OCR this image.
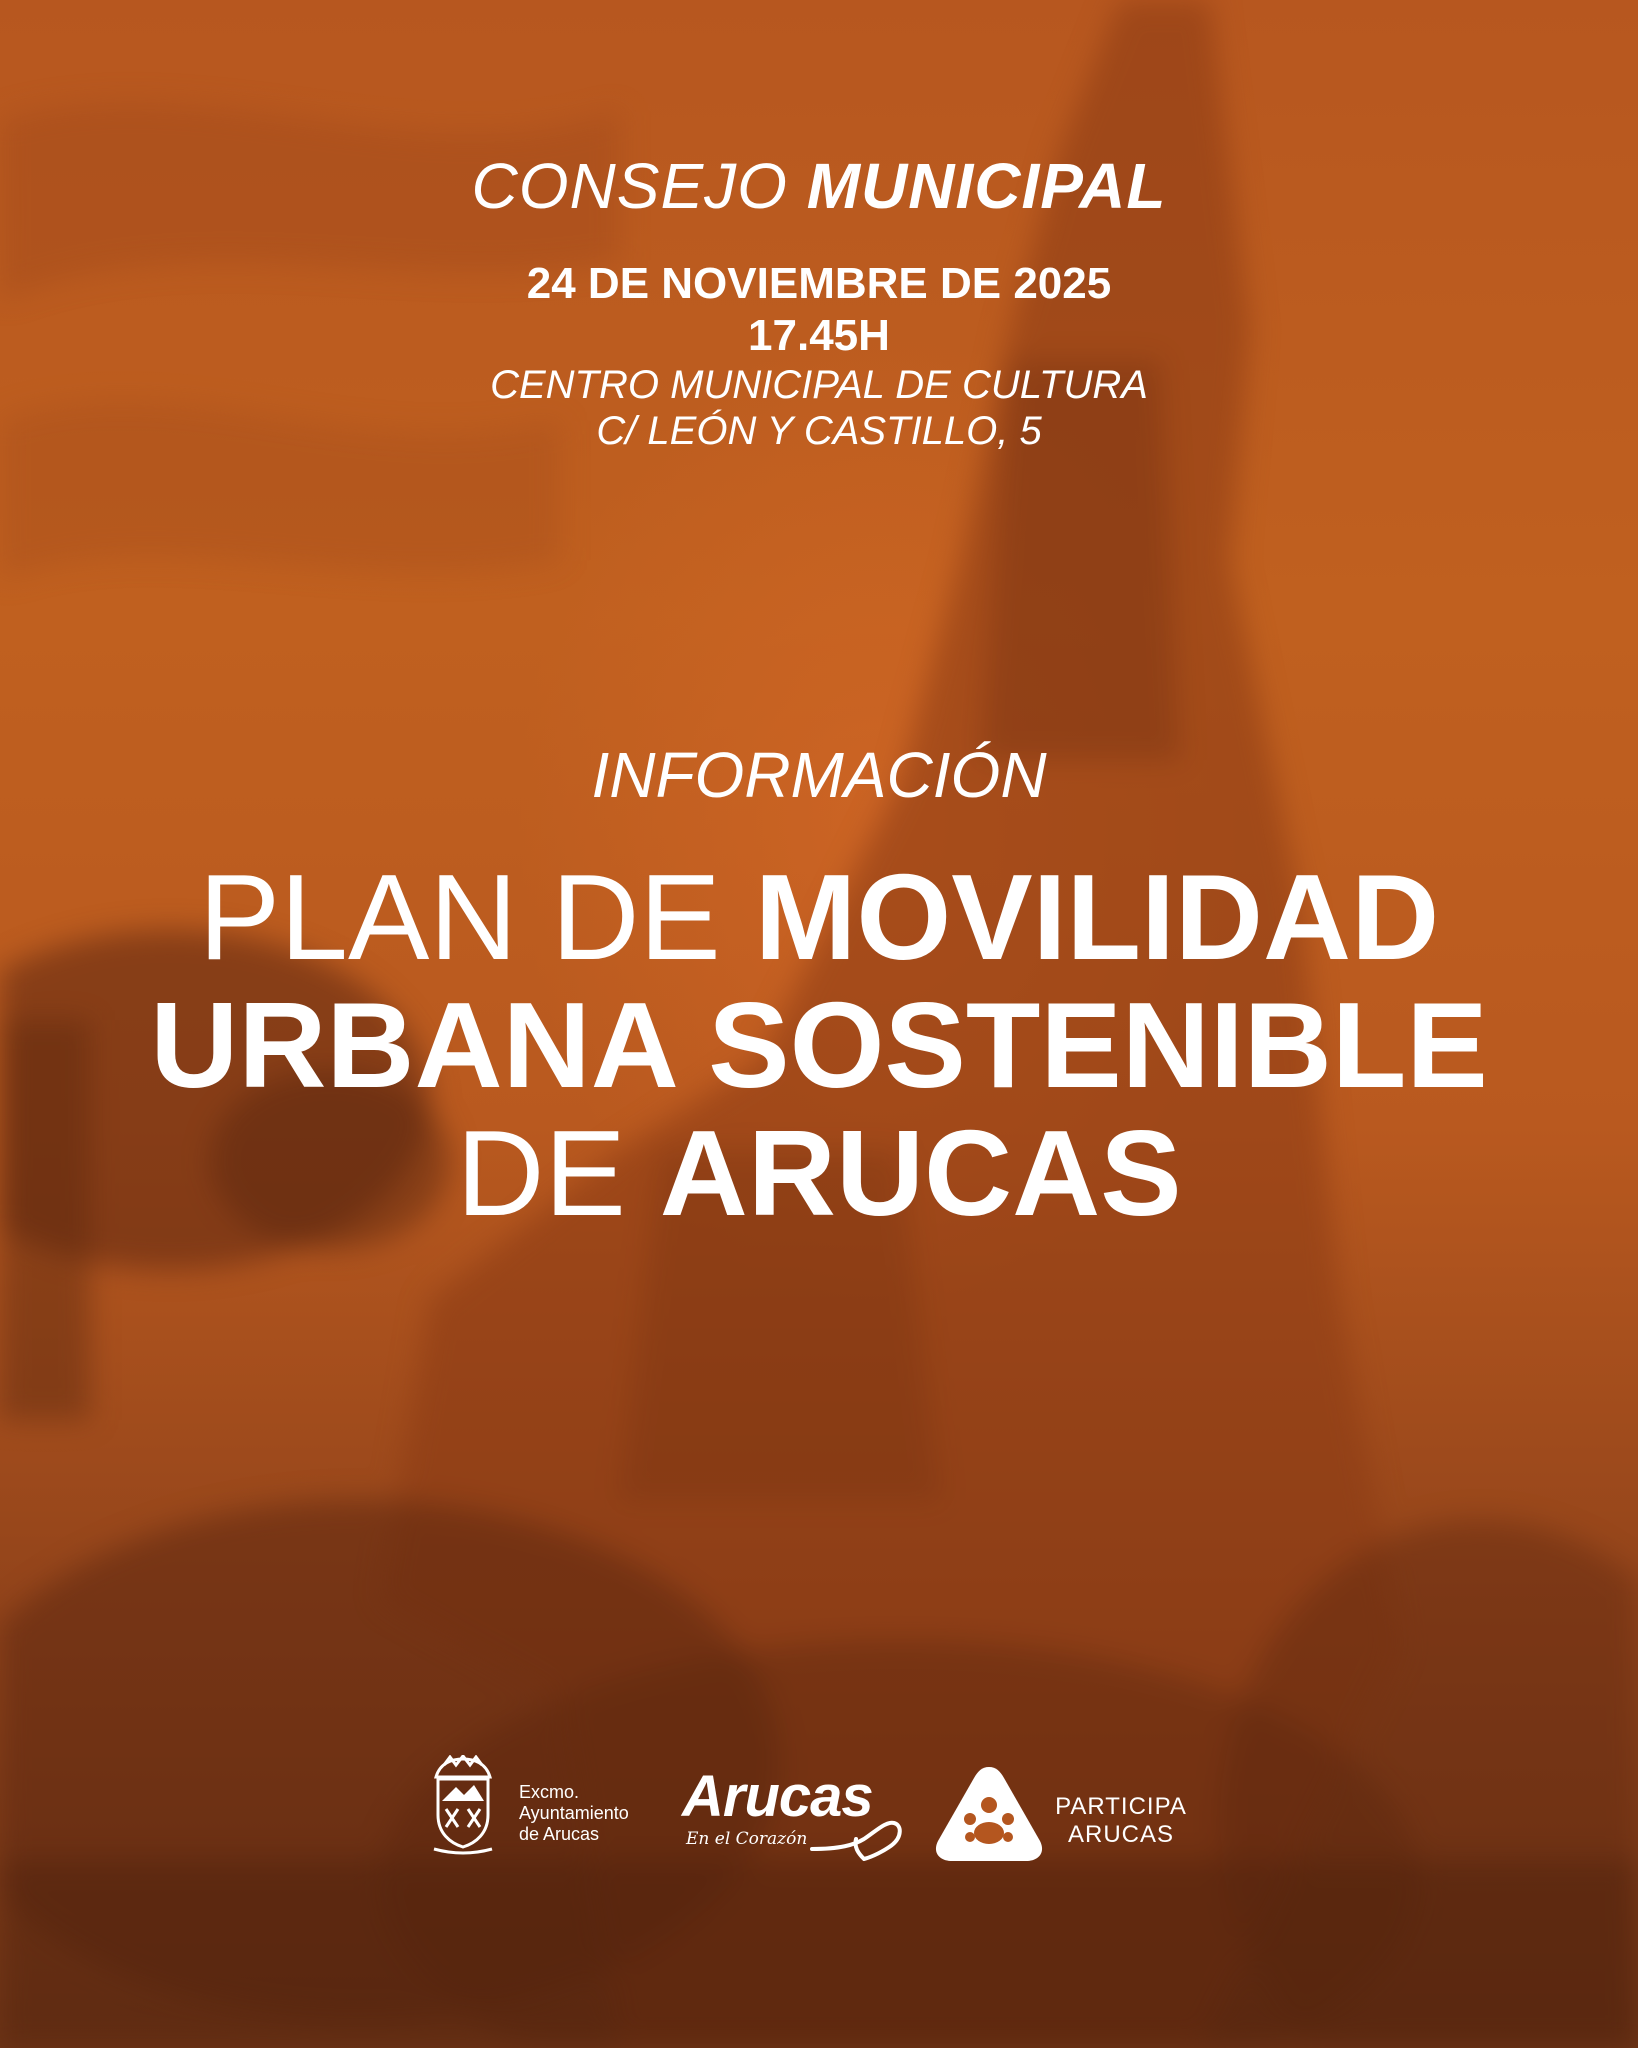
CONSEJO MUNICIPAL
24 DE NOVIEMBRE DE 2025
17.45H
CENTRO MUNICIPAL DE CULTURA
C/ LEÓN Y CASTILLO, 5
INFORMACIÓN
PLAN DE MOVILIDAD
URBANA SOSTENIBLE
DE ARUCAS
Excmo.
Ayuntamiento
de Arucas
Arucas
En el Corazón
PARTICIPA
ARUCAS
